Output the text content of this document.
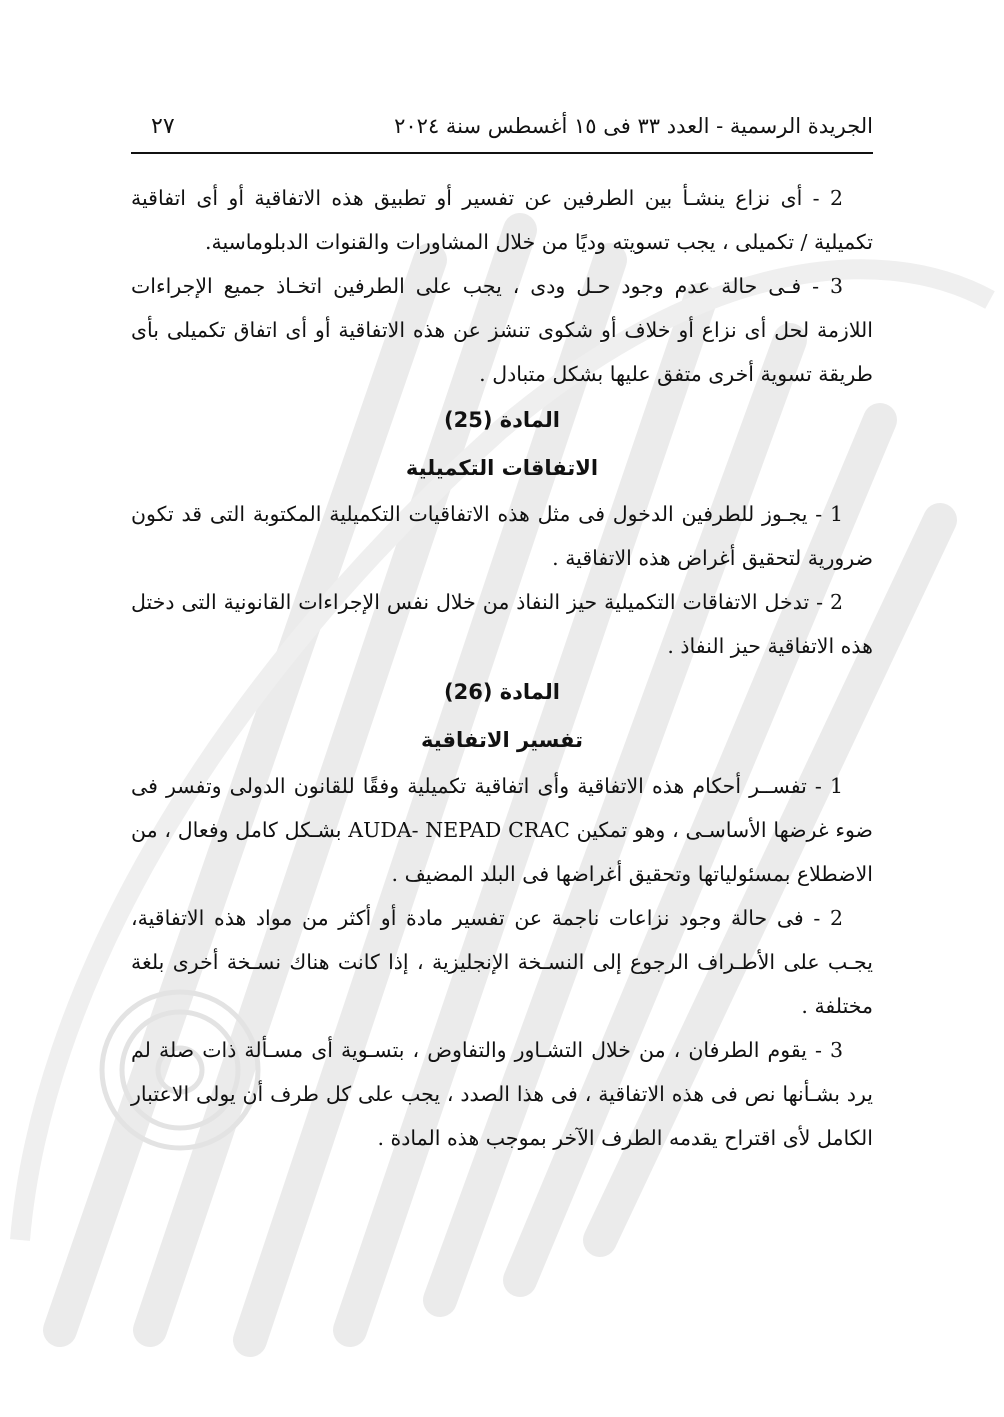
الجريدة الرسمية - العدد ٣٣ فى ١٥ أغسطس سنة ٢٠٢٤
٢٧

2 - أى نزاع ينشـأ بين الطرفين عن تفسير أو تطبيق هذه الاتفاقية أو أى اتفاقية تكميلية / تكميلى ، يجب تسويته وديًا من خلال المشاورات والقنوات الدبلوماسية.

3 - فـى حالة عدم وجود حـل ودى ، يجب على الطرفين اتخـاذ جميع الإجراءات اللازمة لحل أى نزاع أو خلاف أو شكوى تنشز عن هذه الاتفاقية أو أى اتفاق تكميلى بأى طريقة تسوية أخرى متفق عليها بشكل متبادل .

المادة (25)
الاتفاقات التكميلية

1 - يجـوز للطرفين الدخول فى مثل هذه الاتفاقيات التكميلية المكتوبة التى قد تكون ضرورية لتحقيق أغراض هذه الاتفاقية .

2 - تدخل الاتفاقات التكميلية حيز النفاذ من خلال نفس الإجراءات القانونية التى دختل هذه الاتفاقية حيز النفاذ .

المادة (26)
تفسير الاتفاقية

1 - تفســر أحكام هذه الاتفاقية وأى اتفاقية تكميلية وفقًا للقانون الدولى وتفسر فى ضوء غرضها الأساسـى ، وهو تمكين AUDA- NEPAD CRAC بشـكل كامل وفعال ، من الاضطلاع بمسئولياتها وتحقيق أغراضها فى البلد المضيف .

2 - فى حالة وجود نزاعات ناجمة عن تفسير مادة أو أكثر من مواد هذه الاتفاقية، يجـب على الأطـراف الرجوع إلى النسـخة الإنجليزية ، إذا كانت هناك نسـخة أخرى بلغة مختلفة .

3 - يقوم الطرفان ، من خلال التشـاور والتفاوض ، بتسـوية أى مسـألة ذات صلة لم يرد بشـأنها نص فى هذه الاتفاقية ، فى هذا الصدد ، يجب على كل طرف أن يولى الاعتبار الكامل لأى اقتراح يقدمه الطرف الآخر بموجب هذه المادة .
